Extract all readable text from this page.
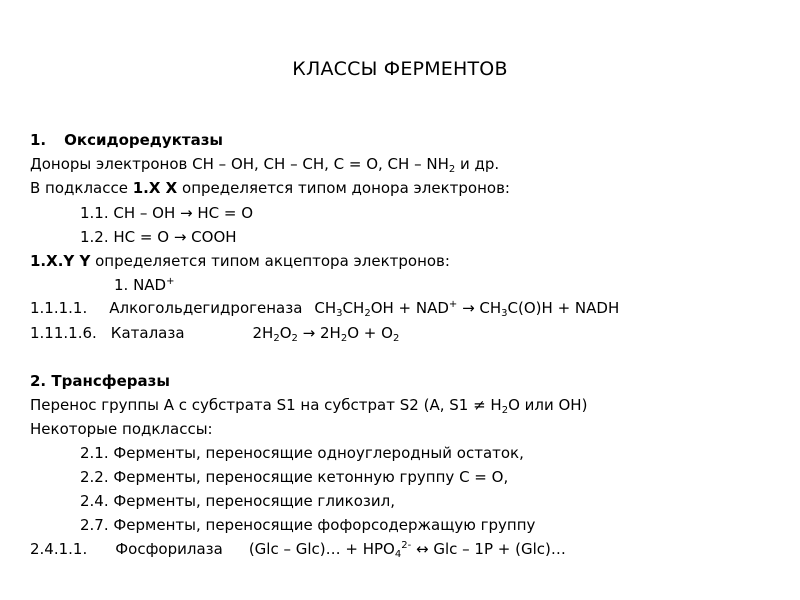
КЛАССЫ ФЕРМЕНТОВ
1. Оксидоредуктазы
Доноры электронов CH – OH, CH – CH, C = O, CH – $NH_2$ и др.
В подклассе 1.X X определяется типом донора электронов:
1.1. CH – OH → HC = O
1.2. HC = O → COOH
1.X.Y Y определяется типом акцептора электронов:
1. NAD+
1.1.1.1. Алкогольдегидрогеназа $CH_3CH_2OH + NAD^+ \to CH_3C(O)H$ + NADH
1.11.1.6. Каталаза	$2H_2O_2 \to 2H_2O + O_2$
2. Трансферазы
Перенос группы А с субстрата S1 на субстрат S2 (A, $S1 \ne H_2O$ или OH)
Некоторые подклассы:
2.1. Ферменты, переносящие одноуглеродный остаток,
2.2. Ферменты, переносящие кетонную группу C = O,
2.4. Ферменты, переносящие гликозил,
2.7. Ферменты, переносящие фофорсодержащую группу
2.4.1.1. Фосфорилаза (Glc – Glc)… + $HPO_4^{2-}$ ↔ Glc – 1P + (Glc)…
